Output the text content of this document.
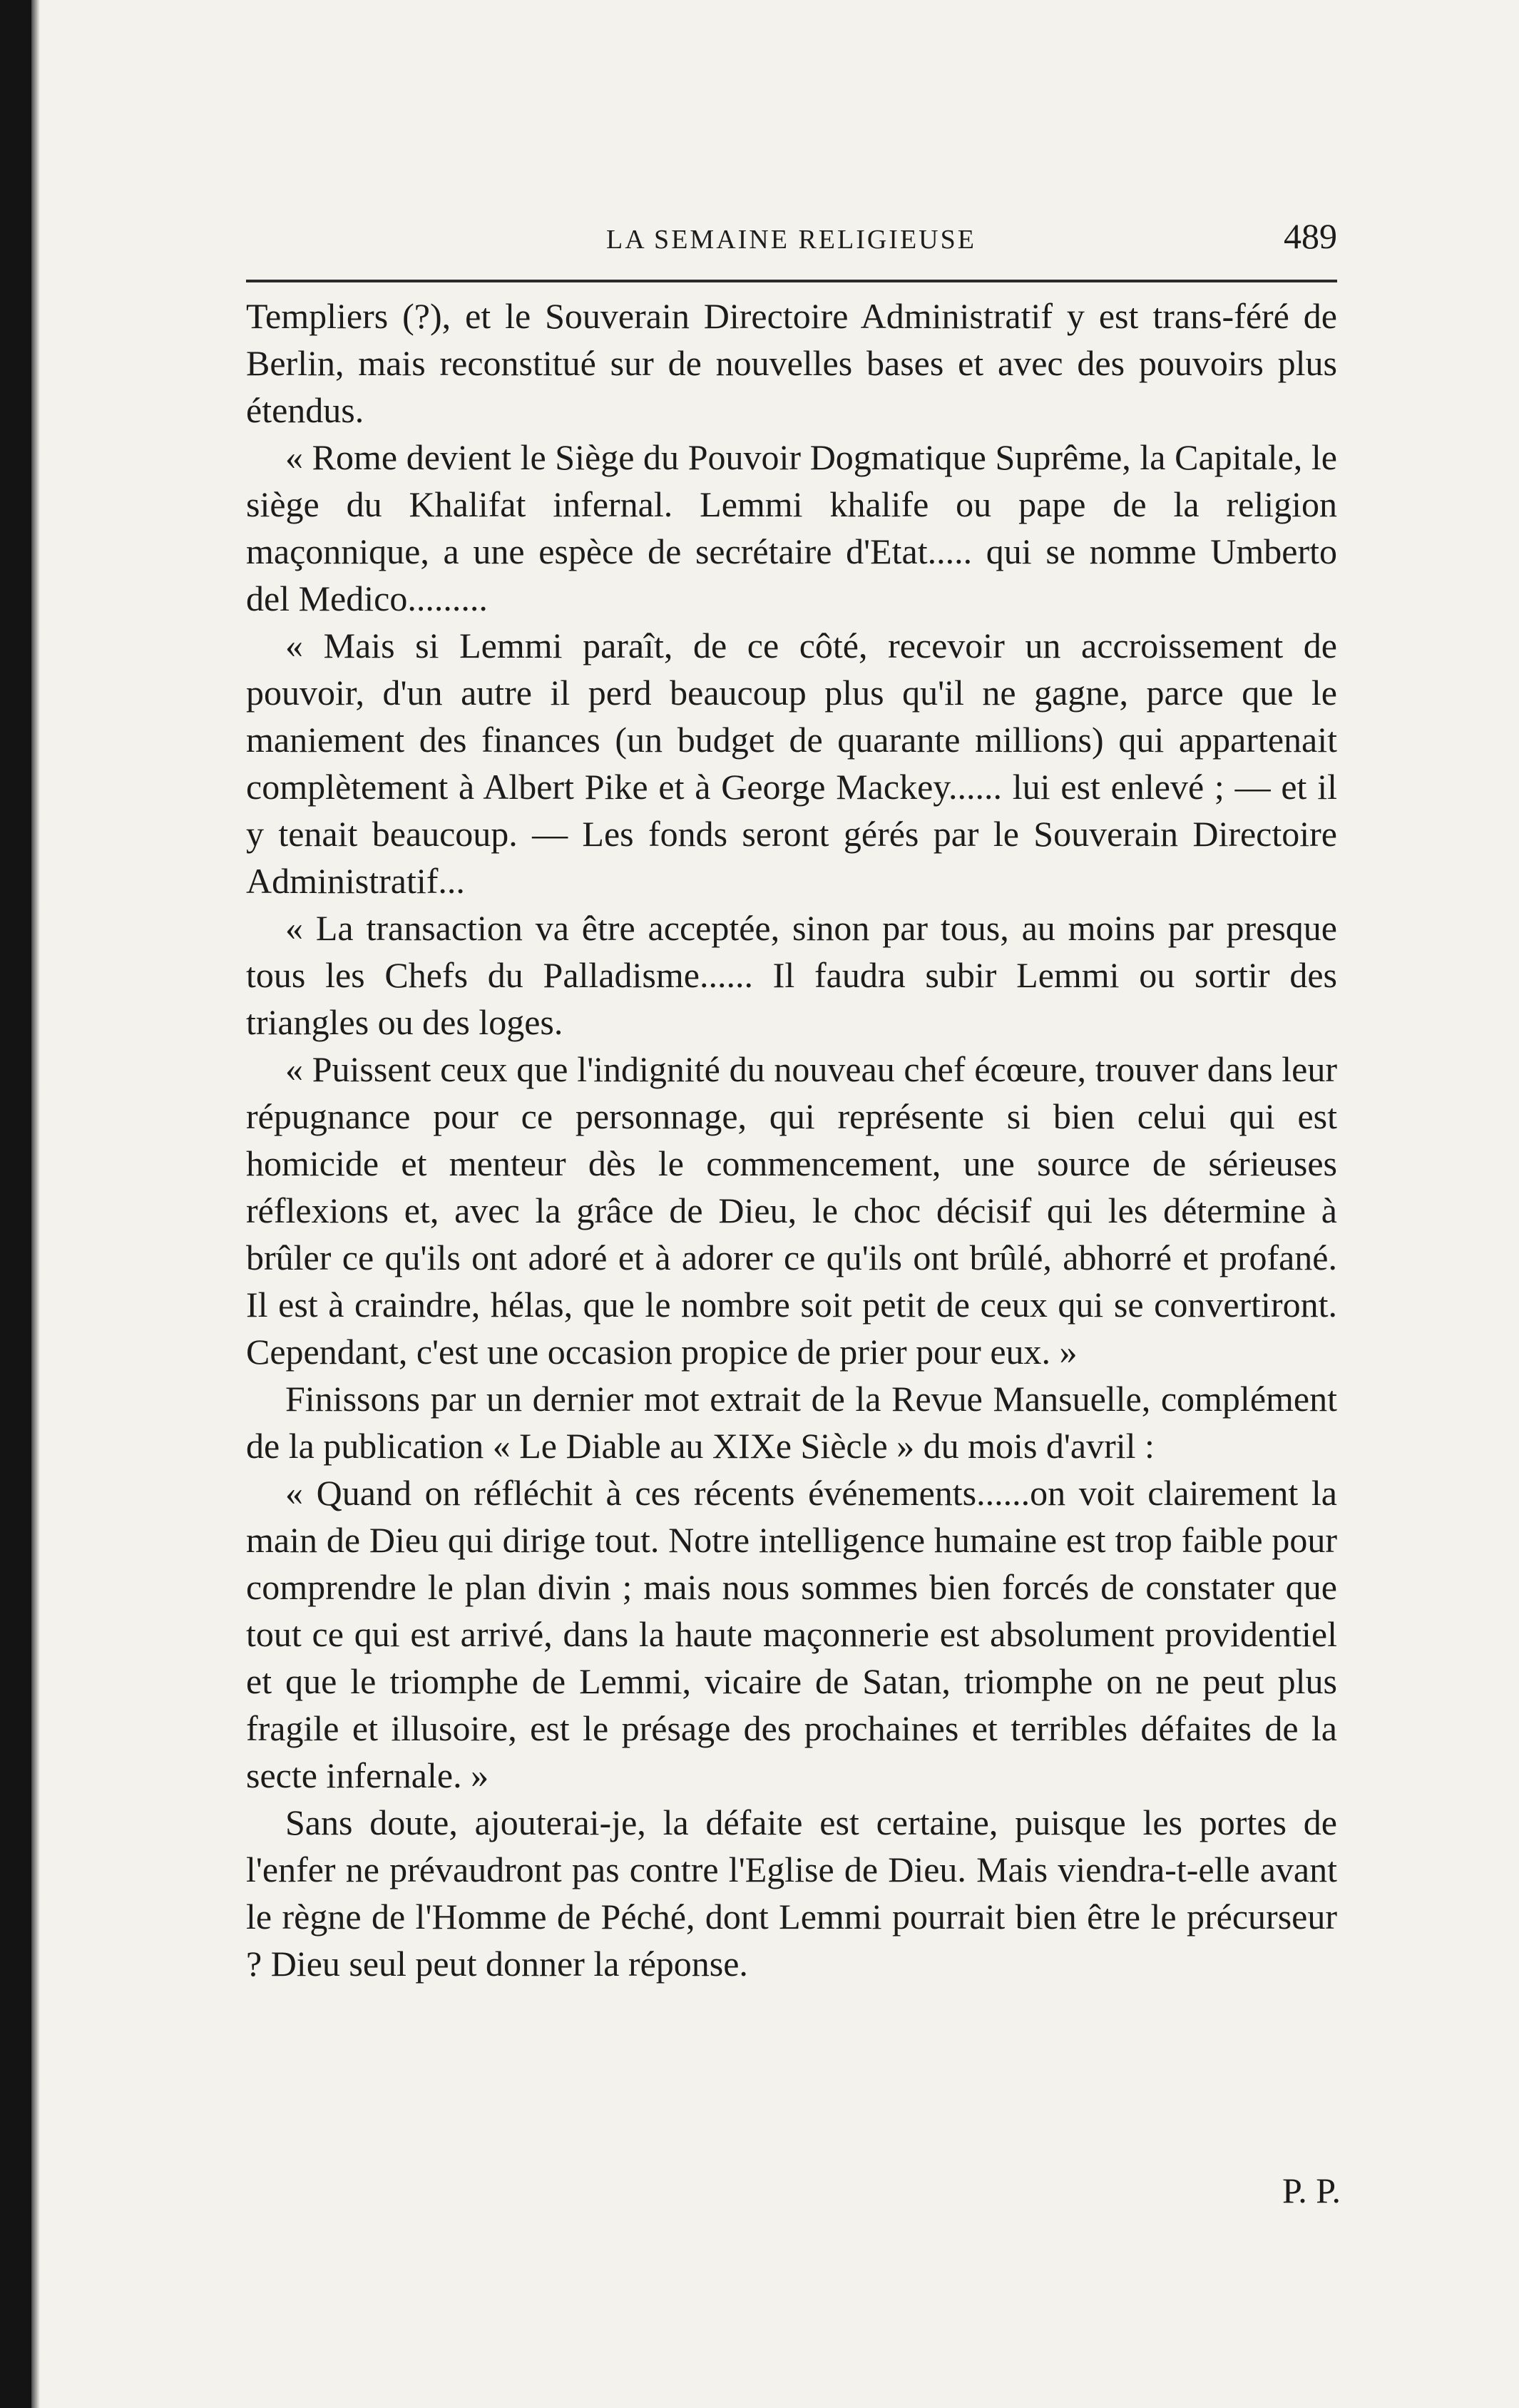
LA SEMAINE RELIGIEUSE	489

Templiers (?), et le Souverain Directoire Administratif y est trans-féré de Berlin, mais reconstitué sur de nouvelles bases et avec des pouvoirs plus étendus.

« Rome devient le Siège du Pouvoir Dogmatique Suprême, la Capitale, le siège du Khalifat infernal. Lemmi khalife ou pape de la religion maçonnique, a une espèce de secrétaire d'Etat..... qui se nomme Umberto del Medico.........

« Mais si Lemmi paraît, de ce côté, recevoir un accroissement de pouvoir, d'un autre il perd beaucoup plus qu'il ne gagne, parce que le maniement des finances (un budget de quarante millions) qui appartenait complètement à Albert Pike et à George Mackey...... lui est enlevé ; — et il y tenait beaucoup. — Les fonds seront gérés par le Souverain Directoire Administratif...

« La transaction va être acceptée, sinon par tous, au moins par presque tous les Chefs du Palladisme...... Il faudra subir Lemmi ou sortir des triangles ou des loges.

« Puissent ceux que l'indignité du nouveau chef écœure, trouver dans leur répugnance pour ce personnage, qui représente si bien celui qui est homicide et menteur dès le commencement, une source de sérieuses réflexions et, avec la grâce de Dieu, le choc décisif qui les détermine à brûler ce qu'ils ont adoré et à adorer ce qu'ils ont brûlé, abhorré et profané. Il est à craindre, hélas, que le nombre soit petit de ceux qui se convertiront. Cependant, c'est une occasion propice de prier pour eux. »

Finissons par un dernier mot extrait de la Revue Mansuelle, complément de la publication « Le Diable au XIXe Siècle » du mois d'avril :

« Quand on réfléchit à ces récents événements......on voit clairement la main de Dieu qui dirige tout. Notre intelligence humaine est trop faible pour comprendre le plan divin ; mais nous sommes bien forcés de constater que tout ce qui est arrivé, dans la haute maçonnerie est absolument providentiel et que le triomphe de Lemmi, vicaire de Satan, triomphe on ne peut plus fragile et illusoire, est le présage des prochaines et terribles défaites de la secte infernale. »

Sans doute, ajouterai-je, la défaite est certaine, puisque les portes de l'enfer ne prévaudront pas contre l'Eglise de Dieu. Mais viendra-t-elle avant le règne de l'Homme de Péché, dont Lemmi pourrait bien être le précurseur ? Dieu seul peut donner la réponse.

P. P.
